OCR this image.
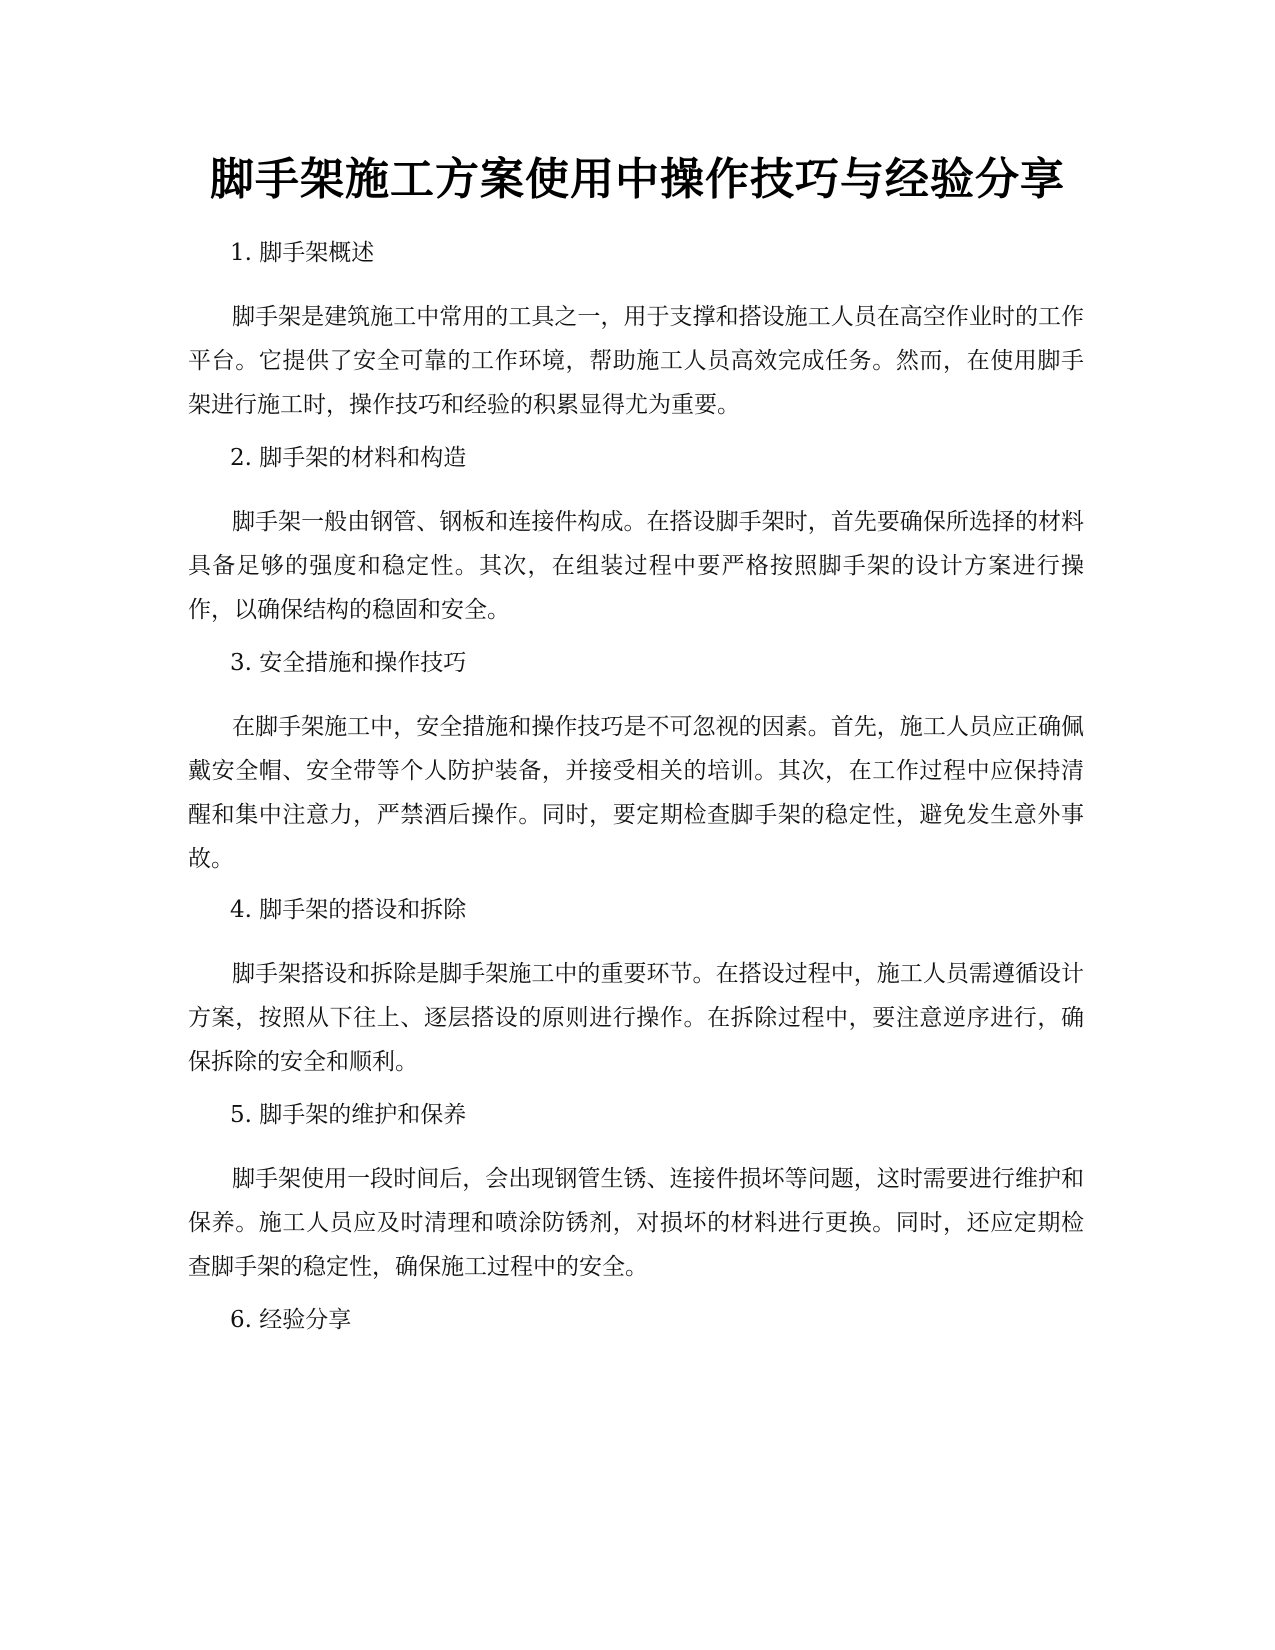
脚手架施工方案使用中操作技巧与经验分享

1. 脚手架概述

脚手架是建筑施工中常用的工具之一，用于支撑和搭设施工人员在高空作业时的工作平台。它提供了安全可靠的工作环境，帮助施工人员高效完成任务。然而，在使用脚手架进行施工时，操作技巧和经验的积累显得尤为重要。

2. 脚手架的材料和构造

脚手架一般由钢管、钢板和连接件构成。在搭设脚手架时，首先要确保所选择的材料具备足够的强度和稳定性。其次，在组装过程中要严格按照脚手架的设计方案进行操作，以确保结构的稳固和安全。

3. 安全措施和操作技巧

在脚手架施工中，安全措施和操作技巧是不可忽视的因素。首先，施工人员应正确佩戴安全帽、安全带等个人防护装备，并接受相关的培训。其次，在工作过程中应保持清醒和集中注意力，严禁酒后操作。同时，要定期检查脚手架的稳定性，避免发生意外事故。

4. 脚手架的搭设和拆除

脚手架搭设和拆除是脚手架施工中的重要环节。在搭设过程中，施工人员需遵循设计方案，按照从下往上、逐层搭设的原则进行操作。在拆除过程中，要注意逆序进行，确保拆除的安全和顺利。

5. 脚手架的维护和保养

脚手架使用一段时间后，会出现钢管生锈、连接件损坏等问题，这时需要进行维护和保养。施工人员应及时清理和喷涂防锈剂，对损坏的材料进行更换。同时，还应定期检查脚手架的稳定性，确保施工过程中的安全。

6. 经验分享
